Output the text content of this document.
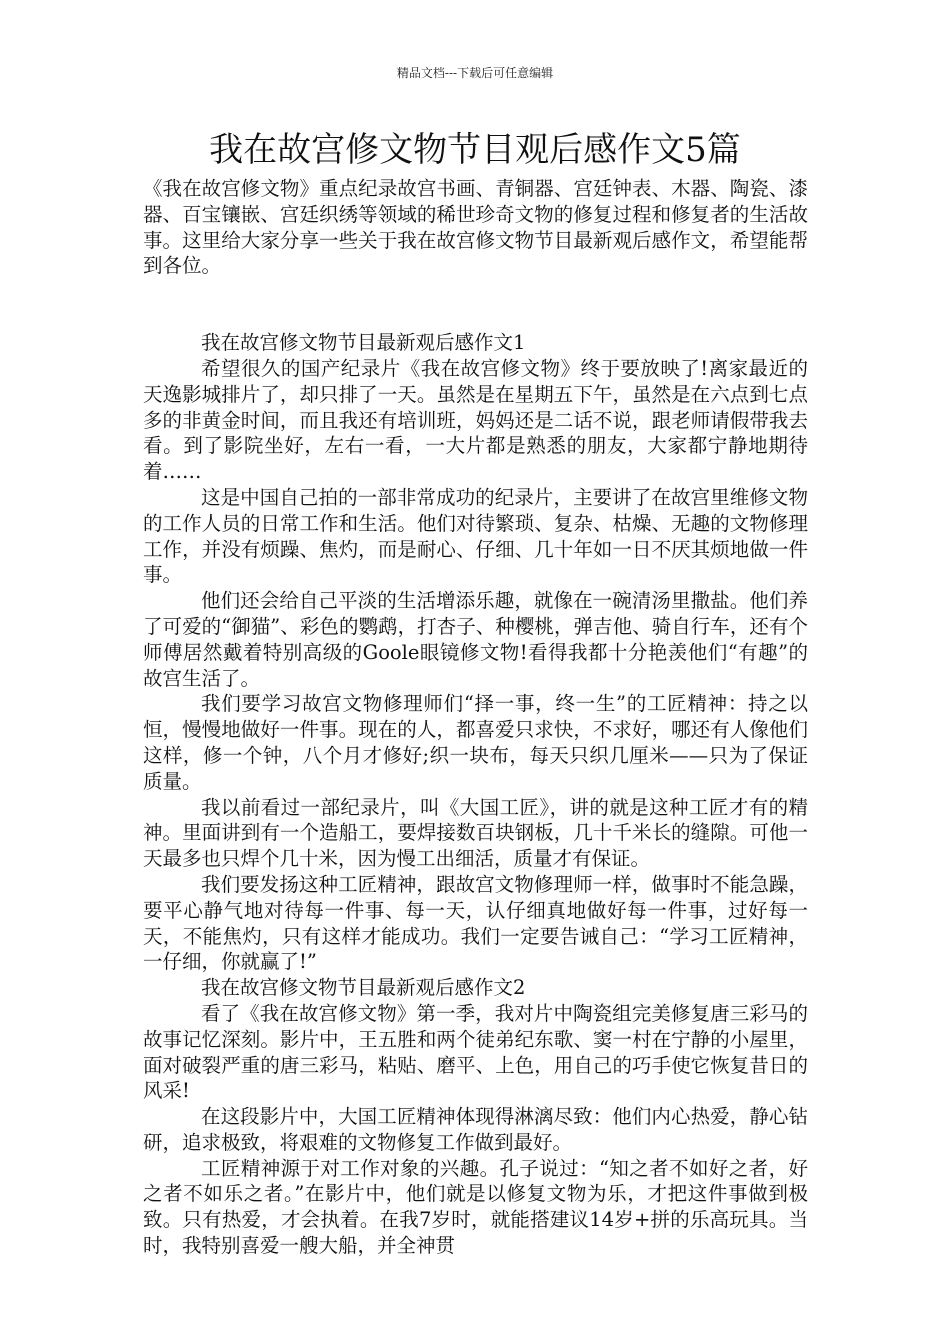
精品文档---下载后可任意编辑
我在故宫修文物节目观后感作文5篇

《我在故宫修文物》重点纪录故宫书画、青铜器、宫廷钟表、木器、陶瓷、漆器、百宝镶嵌、宫廷织绣等领域的稀世珍奇文物的修复过程和修复者的生活故事。这里给大家分享一些关于我在故宫修文物节目最新观后感作文，希望能帮到各位。

我在故宫修文物节目最新观后感作文1

希望很久的国产纪录片《我在故宫修文物》终于要放映了!离家最近的天逸影城排片了，却只排了一天。虽然是在星期五下午，虽然是在六点到七点多的非黄金时间，而且我还有培训班，妈妈还是二话不说，跟老师请假带我去看。到了影院坐好，左右一看，一大片都是熟悉的朋友，大家都宁静地期待着……

这是中国自己拍的一部非常成功的纪录片，主要讲了在故宫里维修文物的工作人员的日常工作和生活。他们对待繁琐、复杂、枯燥、无趣的文物修理工作，并没有烦躁、焦灼，而是耐心、仔细、几十年如一日不厌其烦地做一件事。

他们还会给自己平淡的生活增添乐趣，就像在一碗清汤里撒盐。他们养了可爱的“御猫”、彩色的鹦鹉，打杏子、种樱桃，弹吉他、骑自行车，还有个师傅居然戴着特别高级的Goole眼镜修文物!看得我都十分艳羡他们“有趣”的故宫生活了。

我们要学习故宫文物修理师们“择一事，终一生”的工匠精神：持之以恒，慢慢地做好一件事。现在的人，都喜爱只求快，不求好，哪还有人像他们这样，修一个钟，八个月才修好;织一块布，每天只织几厘米——只为了保证质量。

我以前看过一部纪录片，叫《大国工匠》，讲的就是这种工匠才有的精神。里面讲到有一个造船工，要焊接数百块钢板，几十千米长的缝隙。可他一天最多也只焊个几十米，因为慢工出细活，质量才有保证。

我们要发扬这种工匠精神，跟故宫文物修理师一样，做事时不能急躁，要平心静气地对待每一件事、每一天，认仔细真地做好每一件事，过好每一天，不能焦灼，只有这样才能成功。我们一定要告诫自己：“学习工匠精神，一仔细，你就赢了!”

我在故宫修文物节目最新观后感作文2

看了《我在故宫修文物》第一季，我对片中陶瓷组完美修复唐三彩马的故事记忆深刻。影片中，王五胜和两个徒弟纪东歌、窦一村在宁静的小屋里，面对破裂严重的唐三彩马，粘贴、磨平、上色，用自己的巧手使它恢复昔日的风采!

在这段影片中，大国工匠精神体现得淋漓尽致：他们内心热爱，静心钻研，追求极致，将艰难的文物修复工作做到最好。

工匠精神源于对工作对象的兴趣。孔子说过：“知之者不如好之者，好之者不如乐之者。”在影片中，他们就是以修复文物为乐，才把这件事做到极致。只有热爱，才会执着。在我7岁时，就能搭建议14岁+拼的乐高玩具。当时，我特别喜爱一艘大船，并全神贯
